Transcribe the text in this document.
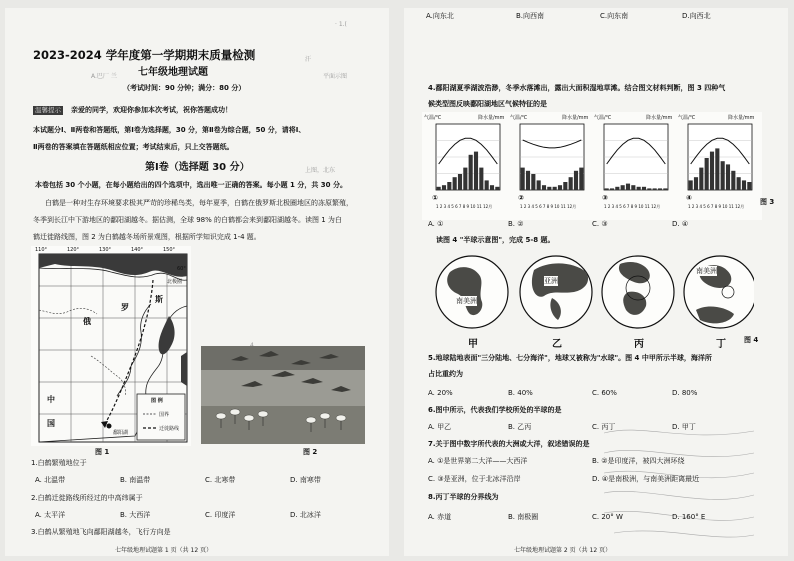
· 1.(
2023-2024 学年度第一学期期末质量检测	汗
A.巴厂 兰 七年级地理试题	平面示图
（考试时间：90 分钟；满分：80 分）
温馨提示 亲爱的同学，欢迎你参加本次考试，祝你答题成功！
本试题分Ⅰ、Ⅱ两卷和答题纸，第Ⅰ卷为选择题，30 分，第Ⅱ卷为综合题，50 分，请将Ⅰ、
Ⅱ两卷的答案填在答题纸相应位置；考试结束后，只上交答题纸。
第Ⅰ卷（选择题 30 分）	上图，北东
本卷包括 30 个小题，在每小题给出的四个选项中，选出唯一正确的答案。每小题 1 分，共 30 分。
白鹤是一种对生存环境要求极其严苛的珍稀鸟类，每年夏季，白鹤在俄罗斯北极圈地区的冻原繁殖，
冬季到长江中下游地区的鄱阳湖越冬。据估测，全球 98% 的白鹤都会来到鄱阳湖越冬。读图 1 为白
鹤迁徙路线图，图 2 为白鹤越冬场所景观图，根据所学知识完成 1-4 题。
110°	120°	130°	140°	150°
60°
北极圈
俄
罗
斯
中
国
图 例
国界
迁徙路线
鄱阳湖
图 1	图 2
1.白鹤繁殖地位于
A. 北温带	B. 南温带	C. 北寒带	D. 南寒带
2.白鹤迁徙路线所经过的中高纬属于
A. 太平洋	B. 大西洋	C. 印度洋	D. 北冰洋
3.白鹤从繁殖地飞向鄱阳湖越冬，飞行方向是
七年级地理试题第 1 页（共 12 页）
A.向东北	B.向西南	C.向东南	D.向西北
4.鄱阳湖夏季湖波浩渺，冬季水落滩出，露出大面积湿地草滩。结合图文材料判断，图 3 四种气
候类型图反映鄱阳湖地区气候特征的是
气温/℃	降水量/mm 气温/℃	降水量/mm 气温/℃	降水量/mm 气温/℃	降水量/mm
①	②	③	④
1 2 3 4 5 6 7 8 9 10 11 12月	1 2 3 4 5 6 7 8 9 10 11 12月	1 2 3 4 5 6 7 8 9 10 11 12月	1 2 3 4 5 6 7 8 9 10 11 12月
A. ①	B. ②	C. ③	D. ④
图 3
读图 4 "半球示意图"，完成 5-8 题。
南美洲
亚洲
南美洲
甲	乙	丙	丁	图 4
5.地球陆地表面"三分陆地、七分海洋"，地球又被称为"水球"。图 4 中甲所示半球，海洋所
占比重约为
A. 20%	B. 40%	C. 60%	D. 80%
6.图中所示，代表我们学校所处的半球的是
A. 甲乙	B. 乙丙	C. 丙丁	D. 甲丁
7.关于图中数字所代表的大洲或大洋，叙述错误的是
A. ①是世界第二大洋——大西洋	B. ②是印度洋，被四大洲环绕
C. ③是亚洲，位于北冰洋沿岸	D. ④是南极洲，与南美洲距离最近
8.丙丁半球的分界线为
A. 赤道	B. 南极圈	C. 20° W	D. 160° E
七年级地理试题第 2 页（共 12 页）
